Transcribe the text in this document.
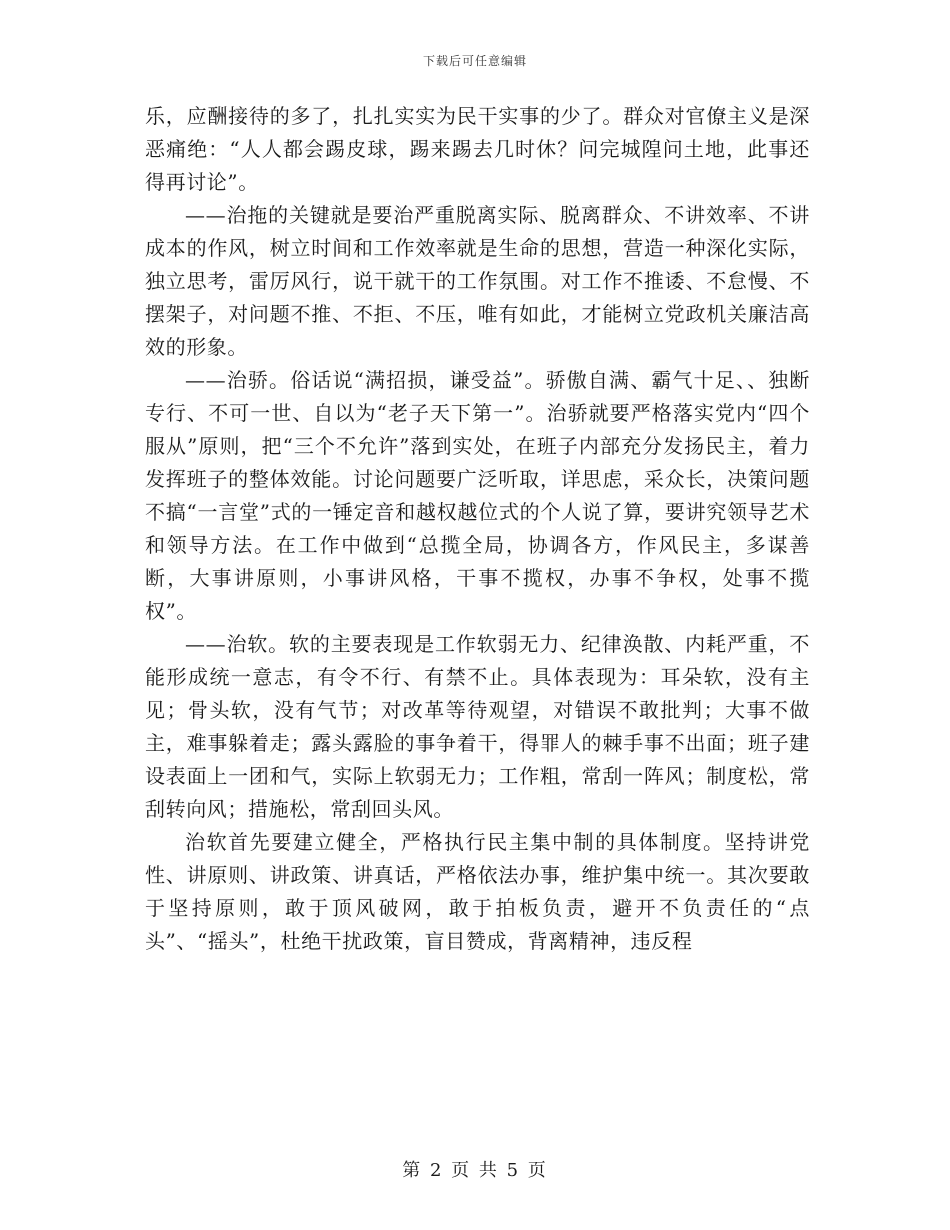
下载后可任意编辑

乐，应酬接待的多了，扎扎实实为民干实事的少了。群众对官僚主义是深恶痛绝：“人人都会踢皮球，踢来踢去几时休？问完城隍问土地，此事还得再讨论”。

——治拖的关键就是要治严重脱离实际、脱离群众、不讲效率、不讲成本的作风，树立时间和工作效率就是生命的思想，营造一种深化实际，独立思考，雷厉风行，说干就干的工作氛围。对工作不推诿、不怠慢、不摆架子，对问题不推、不拒、不压，唯有如此，才能树立党政机关廉洁高效的形象。

——治骄。俗话说“满招损，谦受益”。骄傲自满、霸气十足、、独断专行、不可一世、自以为“老子天下第一”。治骄就要严格落实党内“四个服从”原则，把“三个不允许”落到实处，在班子内部充分发扬民主，着力发挥班子的整体效能。讨论问题要广泛听取，详思虑，采众长，决策问题不搞“一言堂”式的一锤定音和越权越位式的个人说了算，要讲究领导艺术和领导方法。在工作中做到“总揽全局，协调各方，作风民主，多谋善断，大事讲原则，小事讲风格，干事不揽权，办事不争权，处事不揽权”。

——治软。软的主要表现是工作软弱无力、纪律涣散、内耗严重，不能形成统一意志，有令不行、有禁不止。具体表现为：耳朵软，没有主见；骨头软，没有气节；对改革等待观望，对错误不敢批判；大事不做主，难事躲着走；露头露脸的事争着干，得罪人的棘手事不出面；班子建设表面上一团和气，实际上软弱无力；工作粗，常刮一阵风；制度松，常刮转向风；措施松，常刮回头风。

治软首先要建立健全，严格执行民主集中制的具体制度。坚持讲党性、讲原则、讲政策、讲真话，严格依法办事，维护集中统一。其次要敢于坚持原则，敢于顶风破网，敢于拍板负责，避开不负责任的“点头”、“摇头”，杜绝干扰政策，盲目赞成，背离精神，违反程

第 2 页 共 5 页
